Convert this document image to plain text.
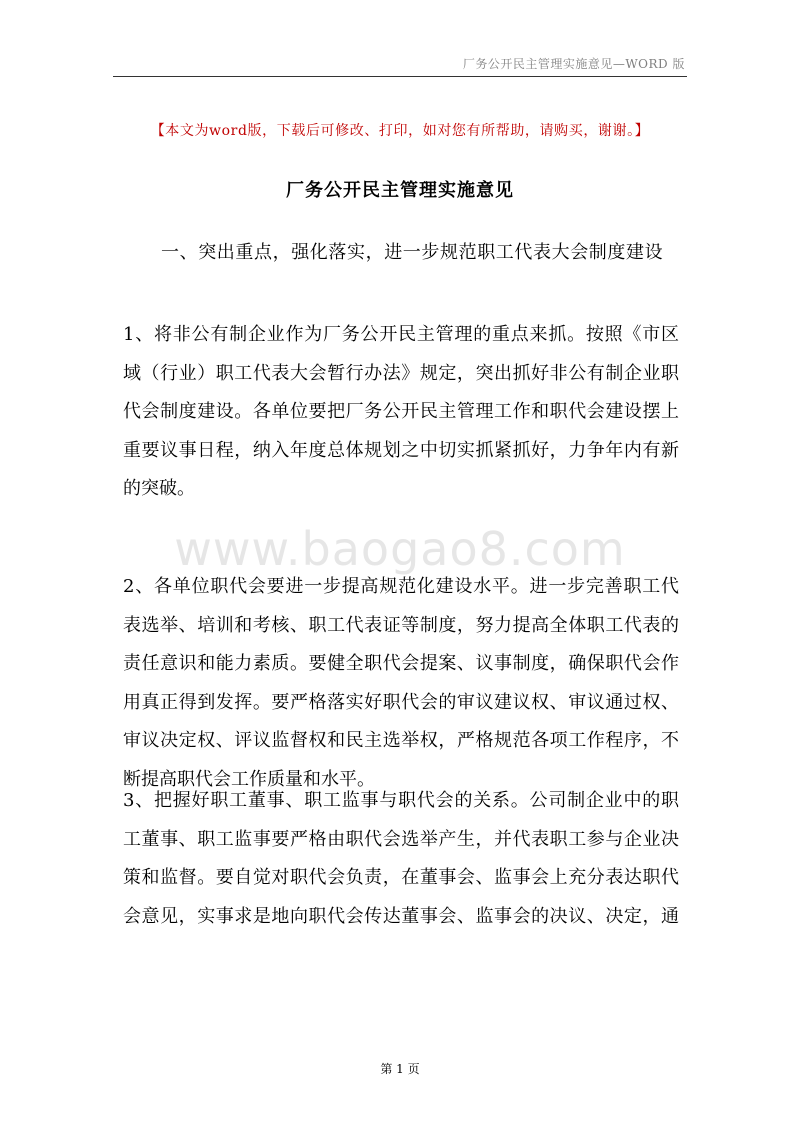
厂务公开民主管理实施意见—WORD 版
【本文为word版，下载后可修改、打印，如对您有所帮助，请购买，谢谢。】
厂务公开民主管理实施意见
一、突出重点，强化落实，进一步规范职工代表大会制度建设
www.baogao8.com
1、将非公有制企业作为厂务公开民主管理的重点来抓。按照《市区
域（行业）职工代表大会暂行办法》规定，突出抓好非公有制企业职
代会制度建设。各单位要把厂务公开民主管理工作和职代会建设摆上
重要议事日程，纳入年度总体规划之中切实抓紧抓好，力争年内有新
的突破。
2、各单位职代会要进一步提高规范化建设水平。进一步完善职工代
表选举、培训和考核、职工代表证等制度，努力提高全体职工代表的
责任意识和能力素质。要健全职代会提案、议事制度，确保职代会作
用真正得到发挥。要严格落实好职代会的审议建议权、审议通过权、
审议决定权、评议监督权和民主选举权，严格规范各项工作程序，不
断提高职代会工作质量和水平。
3、把握好职工董事、职工监事与职代会的关系。公司制企业中的职
工董事、职工监事要严格由职代会选举产生，并代表职工参与企业决
策和监督。要自觉对职代会负责，在董事会、监事会上充分表达职代
会意见，实事求是地向职代会传达董事会、监事会的决议、决定，通
第 1 页
